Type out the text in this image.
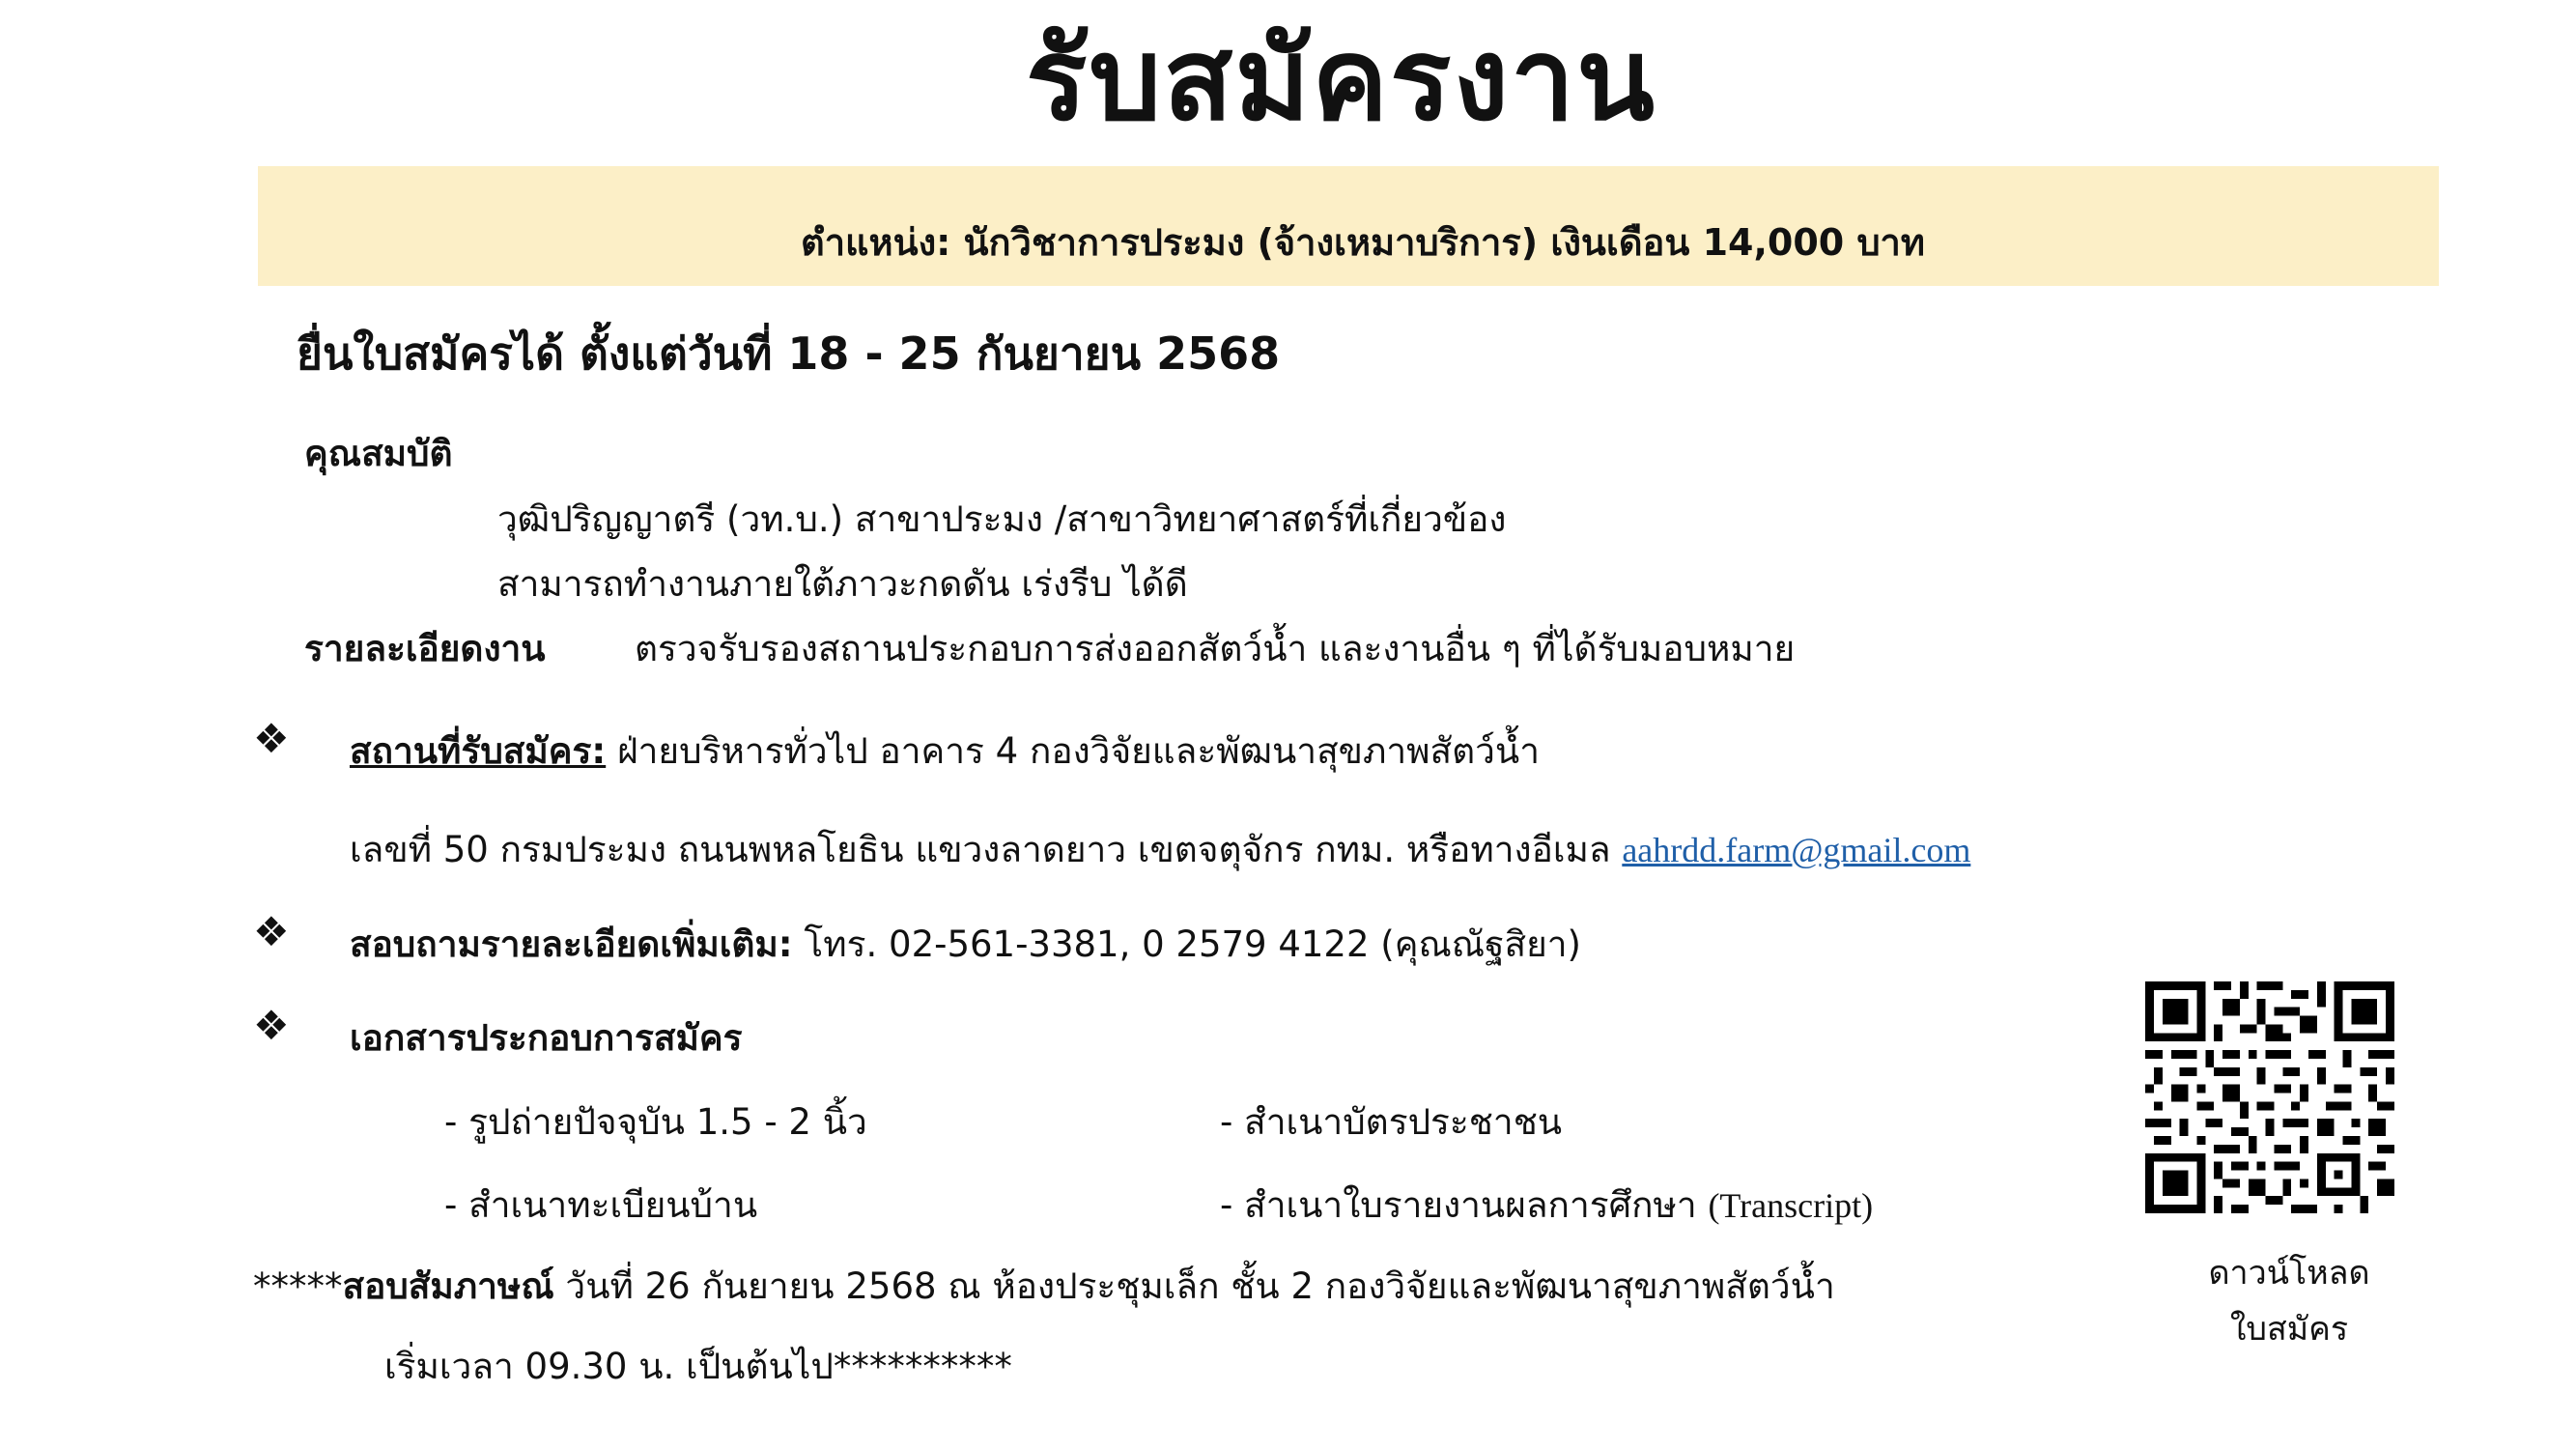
รับสมัครงาน
ตำแหน่ง: นักวิชาการประมง (จ้างเหมาบริการ) เงินเดือน 14,000 บาท
ยื่นใบสมัครได้ ตั้งแต่วันที่ 18 - 25 กันยายน 2568
คุณสมบัติ
วุฒิปริญญาตรี (วท.บ.) สาขาประมง /สาขาวิทยาศาสตร์ที่เกี่ยวข้อง
สามารถทำงานภายใต้ภาวะกดดัน เร่งรีบ ได้ดี
รายละเอียดงาน ตรวจรับรองสถานประกอบการส่งออกสัตว์น้ำ และงานอื่น ๆ ที่ได้รับมอบหมาย
❖ สถานที่รับสมัคร: ฝ่ายบริหารทั่วไป อาคาร 4 กองวิจัยและพัฒนาสุขภาพสัตว์น้ำ
เลขที่ 50 กรมประมง ถนนพหลโยธิน แขวงลาดยาว เขตจตุจักร กทม. หรือทางอีเมล aahrdd.farm@gmail.com
❖ สอบถามรายละเอียดเพิ่มเติม: โทร. 02-561-3381, 0 2579 4122 (คุณณัฐสิยา)
❖ เอกสารประกอบการสมัคร
- รูปถ่ายปัจจุบัน 1.5 - 2 นิ้ว
- สำเนาทะเบียนบ้าน
- สำเนาบัตรประชาชน
- สำเนาใบรายงานผลการศึกษา (Transcript)
*****สอบสัมภาษณ์ วันที่ 26 กันยายน 2568 ณ ห้องประชุมเล็ก ชั้น 2 กองวิจัยและพัฒนาสุขภาพสัตว์น้ำ
เริ่มเวลา 09.30 น. เป็นต้นไป**********
ดาวน์โหลด
ใบสมัคร
